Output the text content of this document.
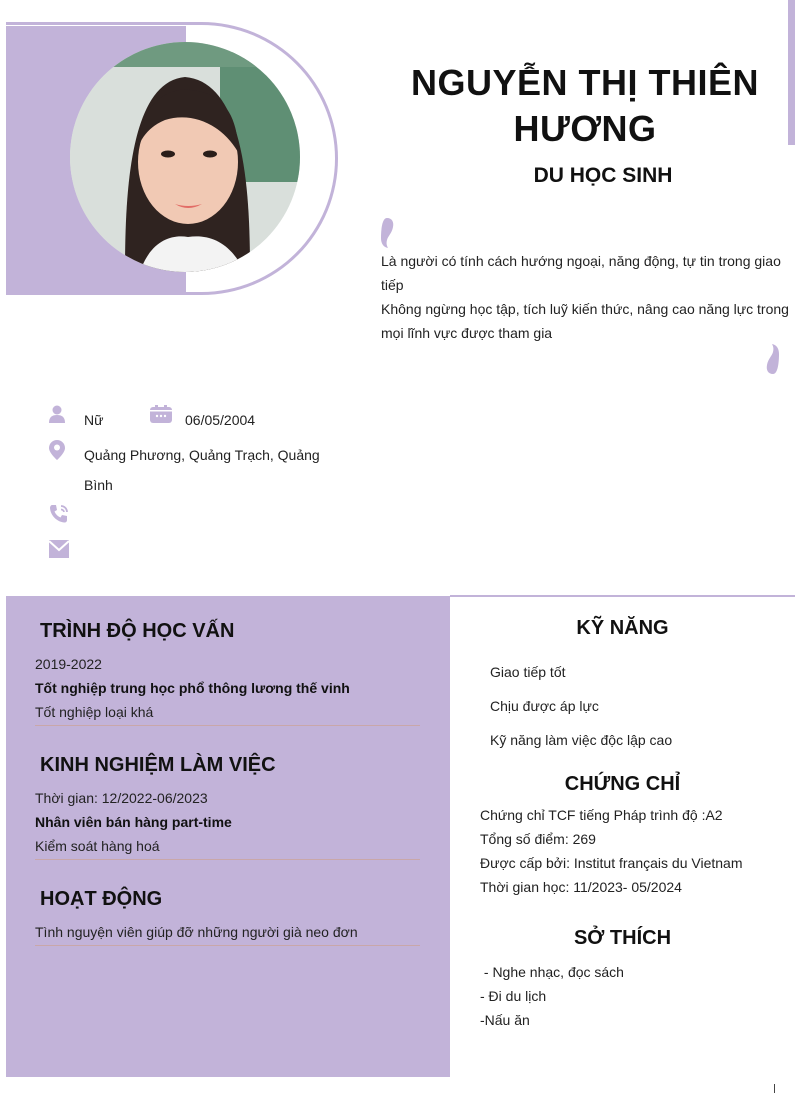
NGUYỄN THỊ THIÊN
HƯƠNG
DU HỌC SINH
Là người có tính cách hướng ngoại, năng động, tự tin trong giao tiếp
Không ngừng học tập, tích luỹ kiến thức, nâng cao năng lực trong mọi lĩnh vực được tham gia
Nữ	06/05/2004
Quảng Phương, Quảng Trạch, Quảng Bình
TRÌNH ĐỘ HỌC VẤN
2019-2022
Tốt nghiệp trung học phổ thông lương thế vinh
Tốt nghiệp loại khá
KINH NGHIỆM LÀM VIỆC
Thời gian: 12/2022-06/2023
Nhân viên bán hàng part-time
Kiểm soát hàng hoá
HOẠT ĐỘNG
Tình nguyện viên giúp đỡ những người già neo đơn
KỸ NĂNG
Giao tiếp tốt
Chịu được áp lực
Kỹ năng làm việc độc lập cao
CHỨNG CHỈ
Chứng chỉ TCF tiếng Pháp trình độ :A2
Tổng số điểm: 269
Được cấp bởi: Institut français du Vietnam
Thời gian học: 11/2023- 05/2024
SỞ THÍCH
- Nghe nhạc, đọc sách
- Đi du lịch
-Nấu ăn
